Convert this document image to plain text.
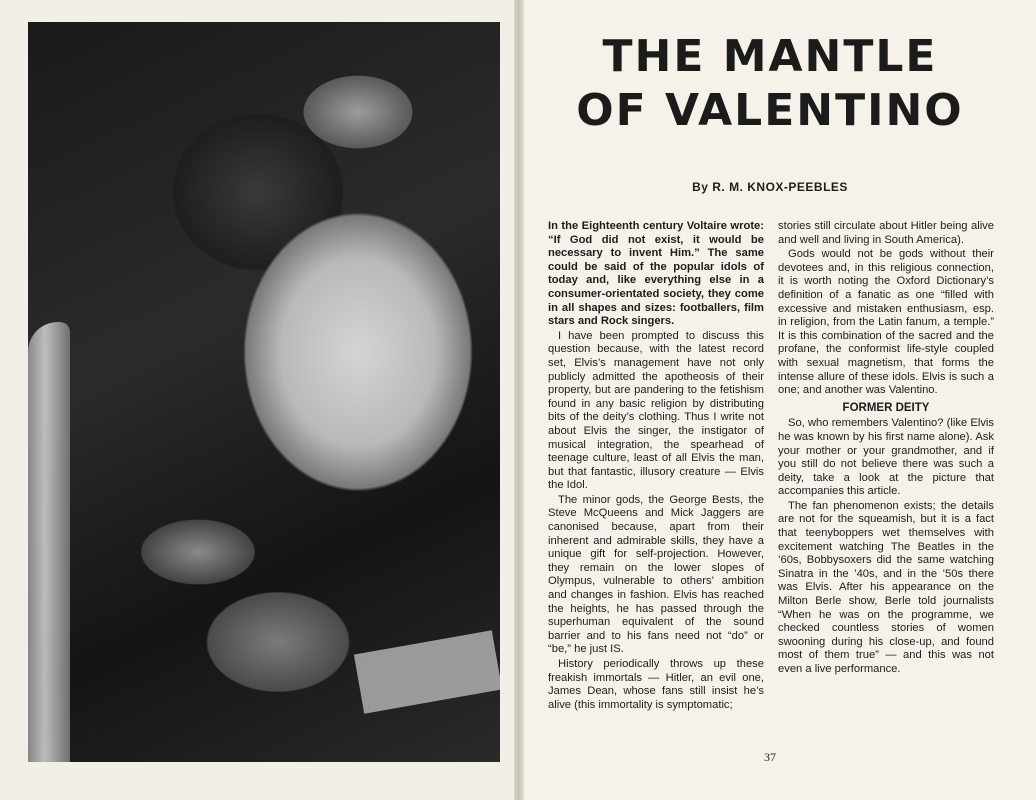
THE MANTLE
OF VALENTINO
By R. M. KNOX-PEEBLES

In the Eighteenth century Voltaire wrote: “If God did not exist, it would be necessary to invent Him.” The same could be said of the popular idols of today and, like everything else in a consumer-orientated society, they come in all shapes and sizes: footballers, film stars and Rock singers.

I have been prompted to discuss this question because, with the latest record set, Elvis’s management have not only publicly admitted the apotheosis of their property, but are pandering to the fetishism found in any basic religion by distributing bits of the deity’s clothing. Thus I write not about Elvis the singer, the instigator of musical integration, the spearhead of teenage culture, least of all Elvis the man, but that fantastic, illusory creature — Elvis the Idol.

The minor gods, the George Bests, the Steve McQueens and Mick Jaggers are canonised because, apart from their inherent and admirable skills, they have a unique gift for self-projection. However, they remain on the lower slopes of Olympus, vulnerable to others’ ambition and changes in fashion. Elvis has reached the heights, he has passed through the superhuman equivalent of the sound barrier and to his fans need not “do” or “be,” he just IS.

History periodically throws up these freakish immortals — Hitler, an evil one, James Dean, whose fans still insist he’s alive (this immortality is symptomatic;

stories still circulate about Hitler being alive and well and living in South America).

Gods would not be gods without their devotees and, in this religious connection, it is worth noting the Oxford Dictionary’s definition of a fanatic as one “filled with excessive and mistaken enthusiasm, esp. in religion, from the Latin fanum, a temple.” It is this combination of the sacred and the profane, the conformist life-style coupled with sexual magnetism, that forms the intense allure of these idols. Elvis is such a one; and another was Valentino.

FORMER DEITY

So, who remembers Valentino? (like Elvis he was known by his first name alone). Ask your mother or your grandmother, and if you still do not believe there was such a deity, take a look at the picture that accompanies this article.

The fan phenomenon exists; the details are not for the squeamish, but it is a fact that teenyboppers wet themselves with excitement watching The Beatles in the ’60s, Bobbysoxers did the same watching Sinatra in the ’40s, and in the ’50s there was Elvis. After his appearance on the Milton Berle show, Berle told journalists “When he was on the programme, we checked countless stories of women swooning during his close-up, and found most of them true” — and this was not even a live performance.

37
